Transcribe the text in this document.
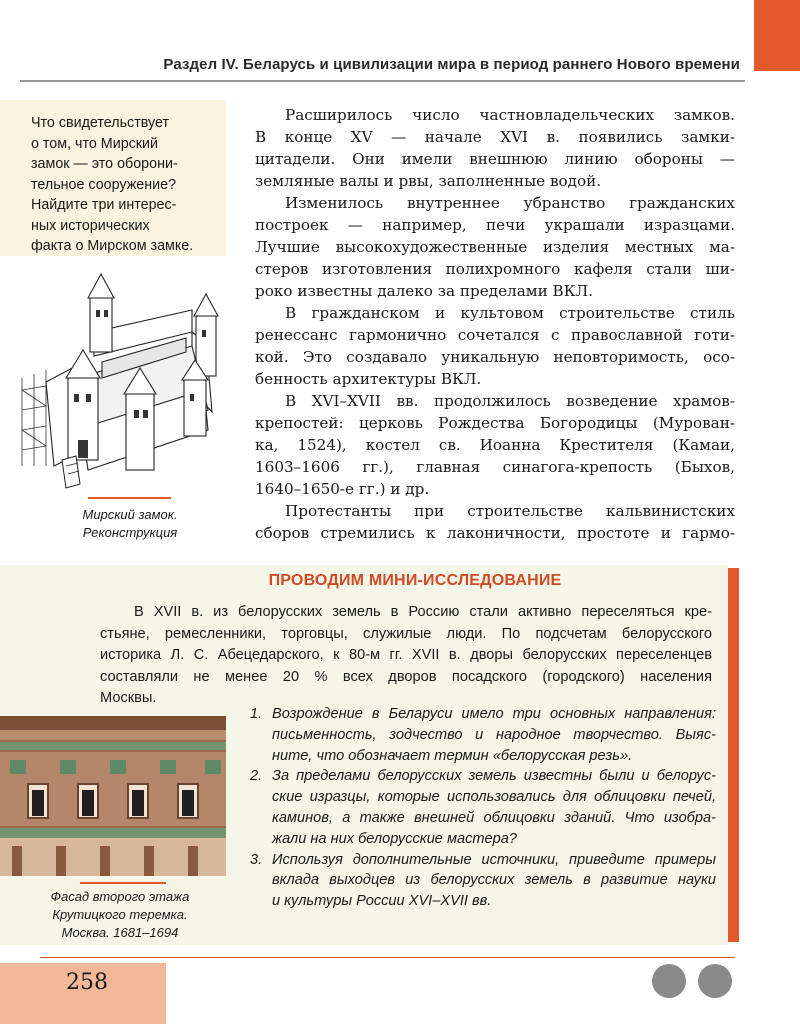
Раздел IV. Беларусь и цивилизации мира в период раннего Нового времени
Что свидетельствует
о том, что Мирский
замок — это оборони-
тельное сооружение?
Найдите три интерес-
ных исторических
факта о Мирском замке.
Мирский замок.
Реконструкция
Расширилось число частновладельческих замков.
В конце XV — начале XVI в. появились замки-
цитадели. Они имели внешнюю линию обороны —
земляные валы и рвы, заполненные водой.
Изменилось внутреннее убранство гражданских
построек — например, печи украшали изразцами.
Лучшие высокохудожественные изделия местных ма-
стеров изготовления полихромного кафеля стали ши-
роко известны далеко за пределами ВКЛ.
В гражданском и культовом строительстве стиль
ренессанс гармонично сочетался с православной готи-
кой. Это создавало уникальную неповторимость, осо-
бенность архитектуры ВКЛ.
В XVI–XVII вв. продолжилось возведение храмов-
крепостей: церковь Рождества Богородицы (Мурован-
ка, 1524), костел св. Иоанна Крестителя (Камаи,
1603–1606 гг.), главная синагога-крепость (Быхов,
1640–1650-е гг.) и др.
Протестанты при строительстве кальвинистских
сборов стремились к лаконичности, простоте и гармо-
ПРОВОДИМ МИНИ-ИССЛЕДОВАНИЕ
В XVII в. из белорусских земель в Россию стали активно переселяться кре-
стьяне, ремесленники, торговцы, служилые люди. По подсчетам белорусского
историка Л. С. Абецедарского, к 80-м гг. XVII в. дворы белорусских переселенцев
составляли не менее 20 % всех дворов посадского (городского) населения
Москвы.
Фасад второго этажа
Крутицкого теремка.
Москва. 1681–1694
1. Возрождение в Беларуси имело три основных направления:
письменность, зодчество и народное творчество. Выяс-
ните, что обозначает термин «белорусская резь».
2. За пределами белорусских земель известны были и белорус-
ские изразцы, которые использовались для облицовки печей,
каминов, а также внешней облицовки зданий. Что изобра-
жали на них белорусские мастера?
3. Используя дополнительные источники, приведите примеры
вклада выходцев из белорусских земель в развитие науки
и культуры России XVI–XVII вв.
258
